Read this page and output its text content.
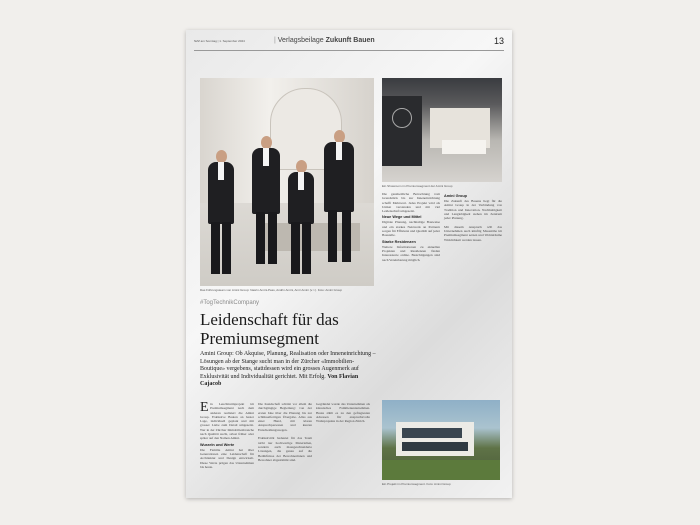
NZZ am Sonntag | 1. September 2024	| Verlagsbeilage Zukunft Bauen	13
Das Führungsteam von Amini Group: Nasrin Amini-Pass, Andrin Amini, Amir Amini (v. l.). Foto: Amini Group
Ein Showroom im Premiumsegment der Amini Group
#TogTechnikCompany
Leidenschaft für das Premiumsegment
Amini Group: Ob Akquise, Planung, Realisation oder Inneneinrichtung – Lösungen ab der Stange sucht man in der Zürcher «Immobilien-Boutique» vergebens, stattdessen wird ein grosses Augenmerk auf Exklusivität und Individualität gerichtet. Mit Erfolg. Von Flavian Cajacob
Ein Leuchtturmprojekt im Premiumsegment nach dem anderen realisiert die Amini Group. Exklusive Bauten an bester Lage, individuell geplant und mit grosser Liebe zum Detail umgesetzt. Wer in der Zürcher Immobilienbranche nach Qualität sucht, stösst früher oder später auf den Namen Amini.
Wurzeln und Werte
Die Familie Amini hat über Generationen eine Leidenschaft für Architektur und Design entwickelt. Diese Werte prägen das Unternehmen bis heute.
Die Kundschaft schätzt vor allem die durchgängige Begleitung: von der ersten Idee über die Planung bis zur schlüsselfertigen Übergabe. Alles aus einer Hand, mit klaren Ansprechpersonen und kurzen Entscheidungswegen.

Exklusivität bedeutet für das Team nicht nur hochwertige Materialien, sondern auch massgeschneiderte Lösungen, die genau auf die Bedürfnisse der Bewohnerinnen und Bewohner abgestimmt sind.
Gegründet wurde das Unternehmen als klassisches Familienunternehmen. Heute zählt es zu den gefragtesten Adressen für anspruchsvolle Wohnprojekte in der Region Zürich.
Die ganzheitliche Betrachtung vom Grundstück bis zur Inneneinrichtung schafft Mehrwert. Jedes Projekt wird als Unikat verstanden und mit viel Leidenschaft umgesetzt.
Neue Wege und Mittel
Digitale Planung, nachhaltige Bauweise und ein starkes Netzwerk an Partnern sorgen für Effizienz und Qualität auf jeder Baustelle.
Starke Residenzen
Weitere Informationen zu aktuellen Projekten und Residenzen finden Interessierte online. Besichtigungen sind nach Vereinbarung möglich.
Amini Group
Die Zukunft des Bauens liegt für die Amini Group in der Verbindung von Tradition und Innovation. Nachhaltigkeit und Langlebigkeit stehen im Zentrum jeder Planung.

Mit diesem Anspruch will das Unternehmen auch künftig Massstäbe im Premiumsegment setzen und Wohnträume Wirklichkeit werden lassen.
Ein Projekt im Premiumsegment. Foto: Amini Group
